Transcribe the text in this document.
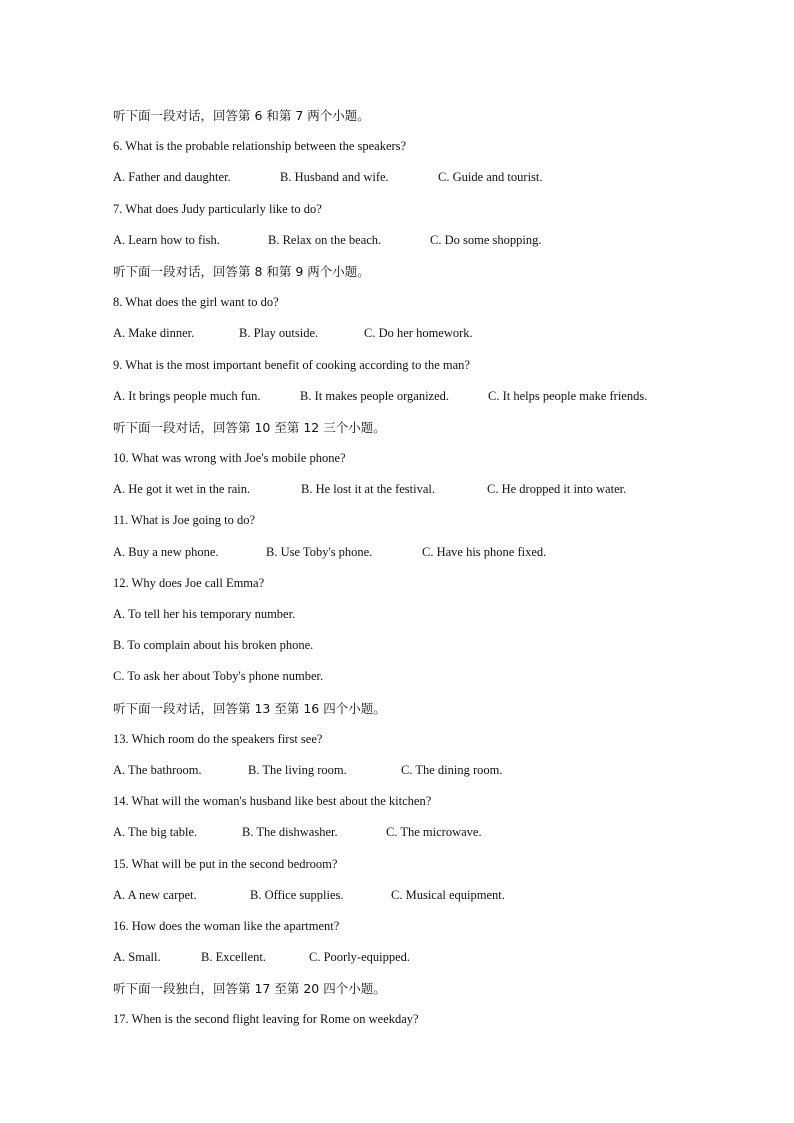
听下面一段对话，回答第 6 和第 7 两个小题。
6. What is the probable relationship between the speakers?
A. Father and daughter.	B. Husband and wife.	C. Guide and tourist.
7. What does Judy particularly like to do?
A. Learn how to fish.	B. Relax on the beach.	C. Do some shopping.
听下面一段对话，回答第 8 和第 9 两个小题。
8. What does the girl want to do?
A. Make dinner.	B. Play outside.	C. Do her homework.
9. What is the most important benefit of cooking according to the man?
A. It brings people much fun.	B. It makes people organized.	C. It helps people make friends.
听下面一段对话，回答第 10 至第 12 三个小题。
10. What was wrong with Joe's mobile phone?
A. He got it wet in the rain.	B. He lost it at the festival.	C. He dropped it into water.
11. What is Joe going to do?
A. Buy a new phone.	B. Use Toby's phone.	C. Have his phone fixed.
12. Why does Joe call Emma?
A. To tell her his temporary number.
B. To complain about his broken phone.
C. To ask her about Toby's phone number.
听下面一段对话，回答第 13 至第 16 四个小题。
13. Which room do the speakers first see?
A. The bathroom.	B. The living room.	C. The dining room.
14. What will the woman's husband like best about the kitchen?
A. The big table.	B. The dishwasher.	C. The microwave.
15. What will be put in the second bedroom?
A. A new carpet.	B. Office supplies.	C. Musical equipment.
16. How does the woman like the apartment?
A. Small.	B. Excellent.	C. Poorly-equipped.
听下面一段独白，回答第 17 至第 20 四个小题。
17. When is the second flight leaving for Rome on weekday?
